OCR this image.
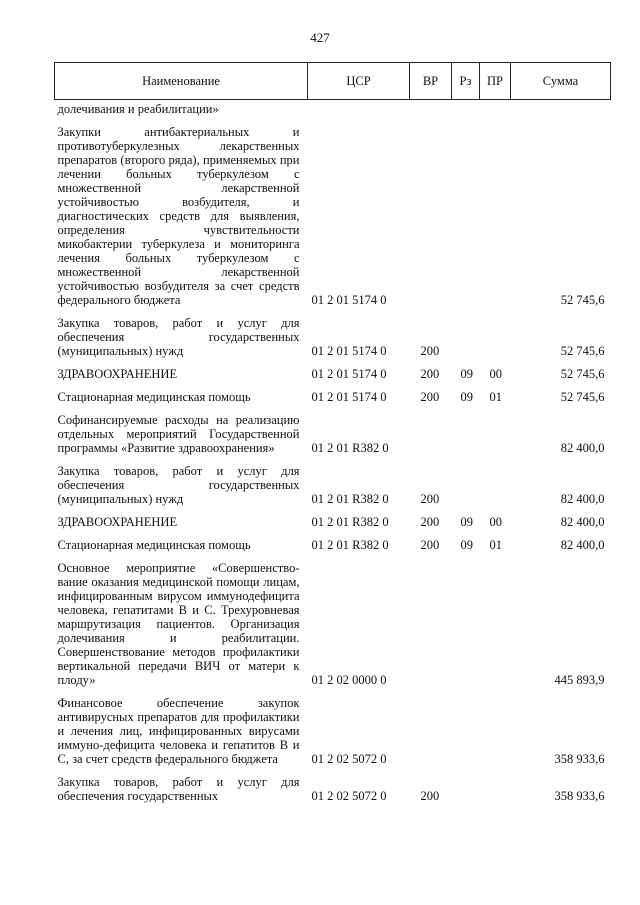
427
Наименование	ЦСР	ВР	Рз	ПР	Сумма
долечивания и реабилитации»					
Закупки антибактериальных и противотуберкулезных лекарственных препаратов (второго ряда), применяемых при лечении больных туберкулезом с множественной лекарственной устойчивостью возбудителя, и диагностических средств для выявления, определения чувствительности микобактерии туберкулеза и мониторинга лечения больных туберкулезом с множественной лекарственной устойчивостью возбудителя за счет средств федерального бюджета	01 2 01 5174 0				52 745,6
Закупка товаров, работ и услуг для обеспечения государственных (муниципальных) нужд	01 2 01 5174 0	200			52 745,6
ЗДРАВООХРАНЕНИЕ	01 2 01 5174 0	200	09	00	52 745,6
Стационарная медицинская помощь	01 2 01 5174 0	200	09	01	52 745,6
Софинансируемые расходы на реализацию отдельных мероприятий Государственной программы «Развитие здравоохранения»	01 2 01 R382 0				82 400,0
Закупка товаров, работ и услуг для обеспечения государственных (муниципальных) нужд	01 2 01 R382 0	200			82 400,0
ЗДРАВООХРАНЕНИЕ	01 2 01 R382 0	200	09	00	82 400,0
Стационарная медицинская помощь	01 2 01 R382 0	200	09	01	82 400,0
Основное мероприятие «Совершенство-вание оказания медицинской помощи лицам, инфицированным вирусом иммунодефицита человека, гепатитами В и С. Трехуровневая маршрутизация пациентов. Организация долечивания и реабилитации. Совершенствование методов профилактики вертикальной передачи ВИЧ от матери к плоду»	01 2 02 0000 0				445 893,9
Финансовое обеспечение закупок антивирусных препаратов для профилактики и лечения лиц, инфицированных вирусами иммуно-дефицита человека и гепатитов В и С, за счет средств федерального бюджета	01 2 02 5072 0				358 933,6
Закупка товаров, работ и услуг для обеспечения государственных	01 2 02 5072 0	200			358 933,6
